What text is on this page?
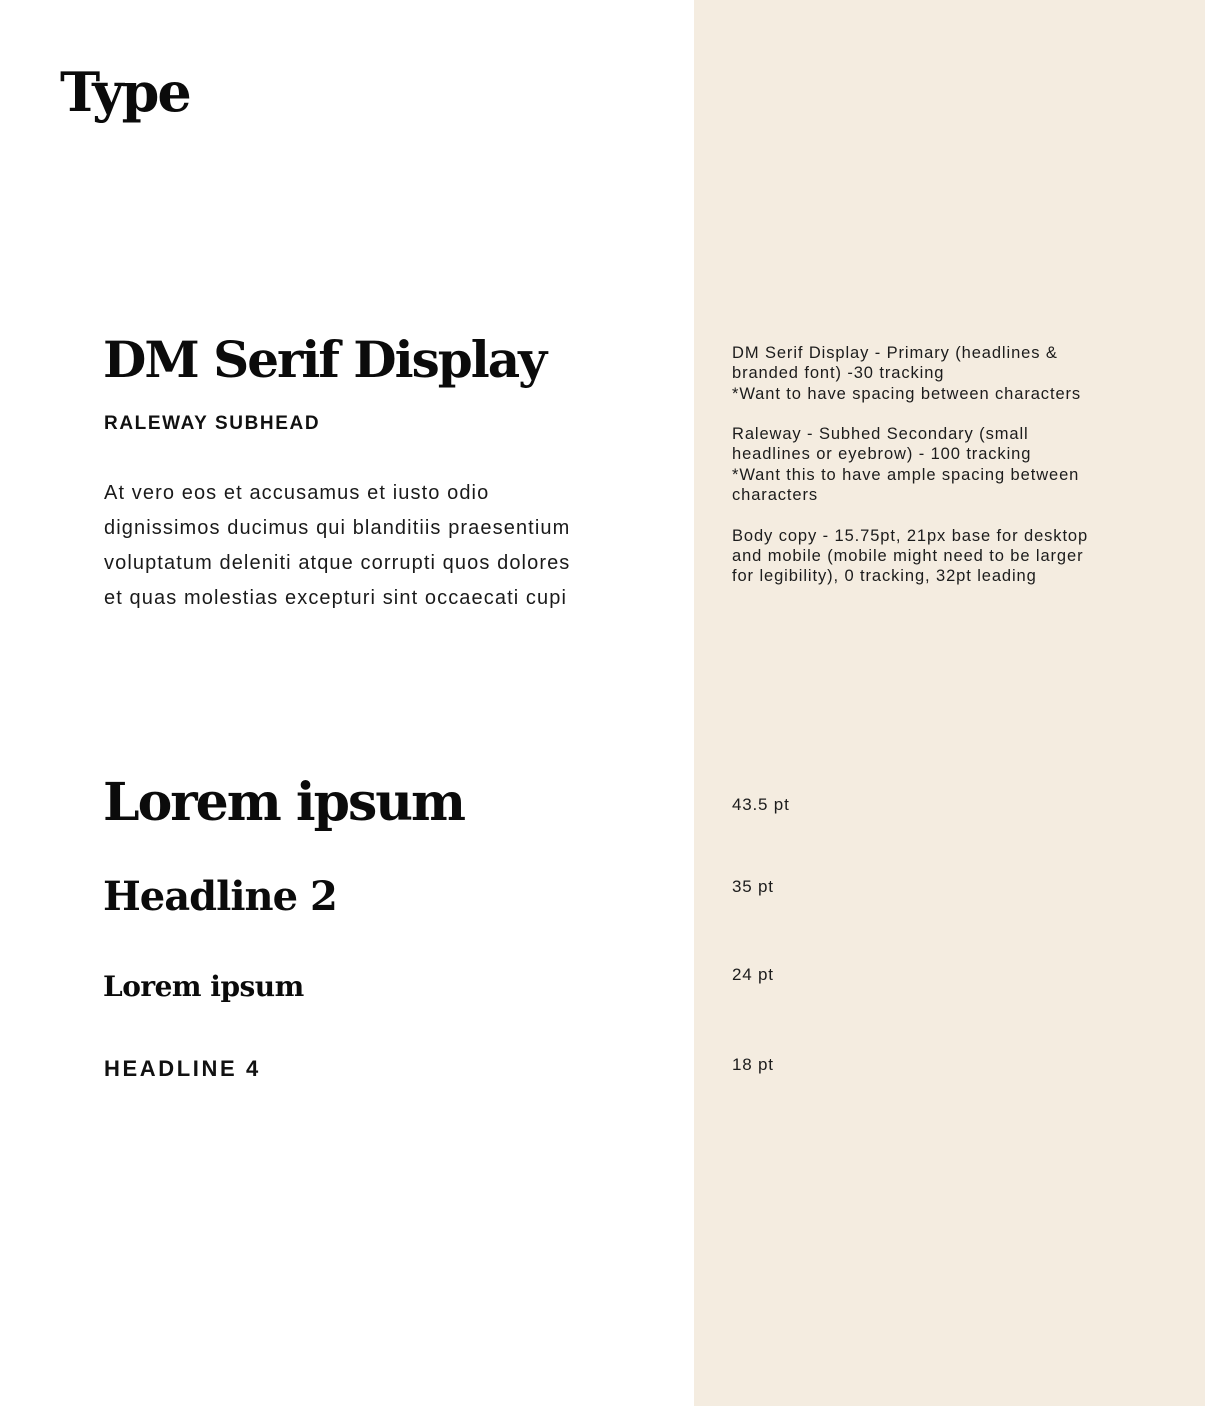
Type
DM Serif Display
RALEWAY SUBHEAD
At vero eos et accusamus et iusto odio
dignissimos ducimus qui blanditiis praesentium
voluptatum deleniti atque corrupti quos dolores
et quas molestias excepturi sint occaecati cupi

DM Serif Display - Primary (headlines &

branded font) -30 tracking

*Want to have spacing between characters

Raleway - Subhed Secondary (small

headlines or eyebrow) - 100 tracking

*Want this to have ample spacing between

characters

Body copy - 15.75pt, 21px base for desktop

and mobile (mobile might need to be larger

for legibility), 0 tracking, 32pt leading

Lorem ipsum
Headline 2
Lorem ipsum
HEADLINE 4
43.5 pt
35 pt
24 pt
18 pt
